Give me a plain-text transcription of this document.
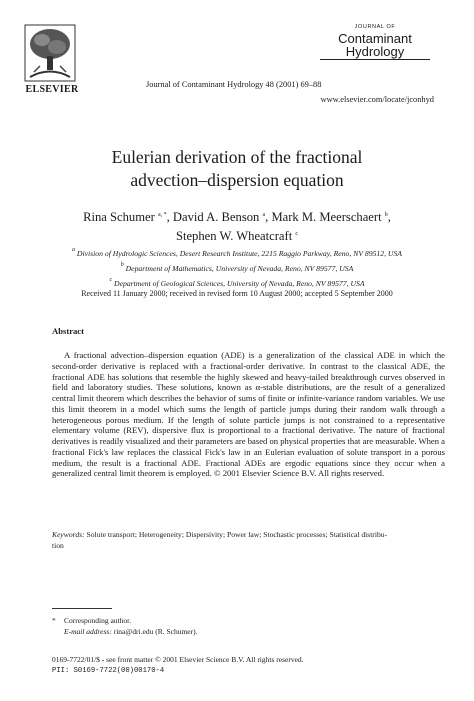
ELSEVIER	Journal of Contaminant Hydrology 48 (2001) 69–88
JOURNAL OF
Contaminant
Hydrology
www.elsevier.com/locate/jconhyd
Eulerian derivation of the fractional
advection–dispersion equation
Rina Schumer $^{a, *}$, David A. Benson $^a$, Mark M. Meerschaert $^b$,
Stephen W. Wheatcraft $^c$
$^a$ Division of Hydrologic Sciences, Desert Research Institute, 2215 Raggio Parkway, Reno, NV 89512, USA
$^b$ Department of Mathematics, University of Nevada, Reno, NV 89577, USA
$^c$ Department of Geological Sciences, University of Nevada, Reno, NV 89577, USA
Received 11 January 2000; received in revised form 10 August 2000; accepted 5 September 2000
Abstract
A fractional advection–dispersion equation (ADE) is a generalization of the classical ADE in which the second-order derivative is replaced with a fractional-order derivative. In contrast to the classical ADE, the fractional ADE has solutions that resemble the highly skewed and heavy-tailed breakthrough curves observed in field and laboratory studies. These solutions, known as α-stable distributions, are the result of a generalized central limit theorem which describes the behavior of sums of finite or infinite-variance random variables. We use this limit theorem in a model which sums the length of particle jumps during their random walk through a heterogeneous porous medium. If the length of solute particle jumps is not constrained to a representative elementary volume (REV), dispersive flux is proportional to a fractional derivative. The nature of fractional derivatives is readily visualized and their parameters are based on physical properties that are measurable. When a fractional Fick's law replaces the classical Fick's law in an Eulerian evaluation of solute transport in a porous medium, the result is a fractional ADE. Fractional ADEs are ergodic equations since they occur when a generalized central limit theorem is employed. © 2001 Elsevier Science B.V. All rights reserved.
Keywords: Solute transport; Heterogeneity; Dispersivity; Power law; Stochastic processes; Statistical distribu-
tion
* Corresponding author.
E-mail address: rina@dri.edu (R. Schumer).
0169-7722/01/$ - see front matter © 2001 Elsevier Science B.V. All rights reserved.
PII: S0169-7722(00)00170-4
